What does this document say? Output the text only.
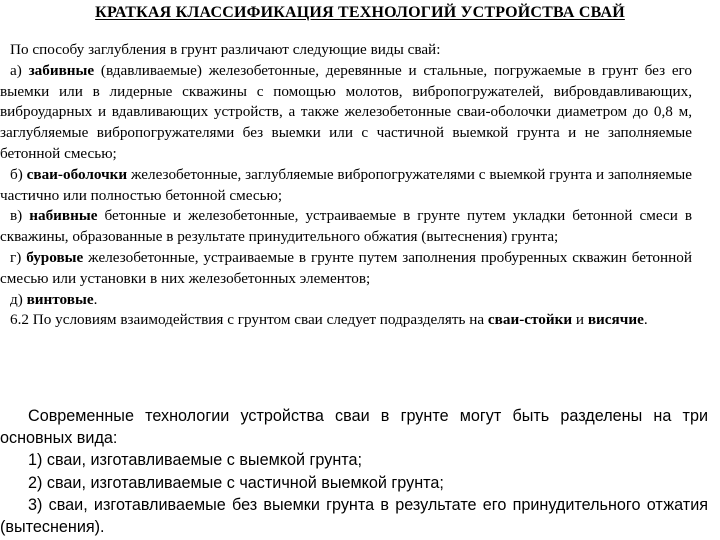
КРАТКАЯ КЛАССИФИКАЦИЯ ТЕХНОЛОГИЙ УСТРОЙСТВА СВАЙ

По способу заглубления в грунт различают следующие виды свай:

а) забивные (вдавливаемые) железобетонные, деревянные и стальные, погружаемые в грунт без его выемки или в лидерные скважины с помощью молотов, вибропогружателей, вибровдавливающих, виброударных и вдавливающих устройств, а также железобетонные сваи-оболочки диаметром до 0,8 м, заглубляемые вибропогружателями без выемки или с частичной выемкой грунта и не заполняемые бетонной смесью;

б) сваи-оболочки железобетонные, заглубляемые вибропогружателями с выемкой грунта и заполняемые частично или полностью бетонной смесью;

в) набивные бетонные и железобетонные, устраиваемые в грунте путем укладки бетонной смеси в скважины, образованные в результате принудительного обжатия (вытеснения) грунта;

г) буровые железобетонные, устраиваемые в грунте путем заполнения пробуренных скважин бетонной смесью или установки в них железобетонных элементов;

д) винтовые.

6.2 По условиям взаимодействия с грунтом сваи следует подразделять на сваи-стойки и висячие.

Современные технологии устройства сваи в грунте могут быть разделены на три основных вида:

1) сваи, изготавливаемые с выемкой грунта;

2) сваи, изготавливаемые с частичной выемкой грунта;

3) сваи, изготавливаемые без выемки грунта в результате его принудительного отжатия (вытеснения).
